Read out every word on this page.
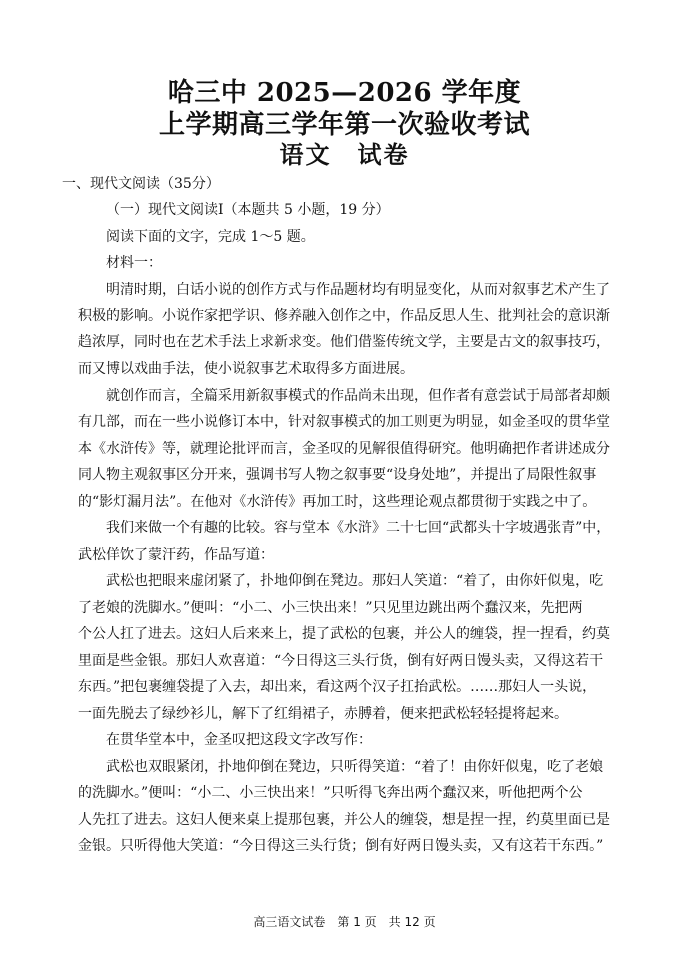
哈三中 2025—2026 学年度
上学期高三学年第一次验收考试
语文　试卷
一、现代文阅读（35分）
（一）现代文阅读Ⅰ（本题共 5 小题，19 分）
阅读下面的文字，完成 1～5 题。
材料一：
明清时期，白话小说的创作方式与作品题材均有明显变化，从而对叙事艺术产生了
积极的影响。小说作家把学识、修养融入创作之中，作品反思人生、批判社会的意识渐
趋浓厚，同时也在艺术手法上求新求变。他们借鉴传统文学，主要是古文的叙事技巧，
而又博以戏曲手法，使小说叙事艺术取得多方面进展。
就创作而言，全篇采用新叙事模式的作品尚未出现，但作者有意尝试于局部者却颇
有几部，而在一些小说修订本中，针对叙事模式的加工则更为明显，如金圣叹的贯华堂
本《水浒传》等，就理论批评而言，金圣叹的见解很值得研究。他明确把作者讲述成分
同人物主观叙事区分开来，强调书写人物之叙事要“设身处地”，并提出了局限性叙事
的“影灯漏月法”。在他对《水浒传》再加工时，这些理论观点都贯彻于实践之中了。
我们来做一个有趣的比较。容与堂本《水浒》二十七回“武都头十字坡遇张青”中，
武松佯饮了蒙汗药，作品写道：
武松也把眼来虚闭紧了，扑地仰倒在凳边。那妇人笑道：“着了，由你奸似鬼，吃
了老娘的洗脚水。”便叫：“小二、小三快出来！”只见里边跳出两个蠢汉来，先把两
个公人扛了进去。这妇人后来来上，提了武松的包裹，并公人的缠袋，捏一捏看，约莫
里面是些金银。那妇人欢喜道：“今日得这三头行货，倒有好两日馒头卖，又得这若干
东西。”把包裹缠袋提了入去，却出来，看这两个汉子扛抬武松。……那妇人一头说，
一面先脱去了绿纱衫儿，解下了红绢裙子，赤膊着，便来把武松轻轻提将起来。
在贯华堂本中，金圣叹把这段文字改写作：
武松也双眼紧闭，扑地仰倒在凳边，只听得笑道：“着了！由你奸似鬼，吃了老娘
的洗脚水。”便叫：“小二、小三快出来！”只听得飞奔出两个蠢汉来，听他把两个公
人先扛了进去。这妇人便来桌上提那包裹，并公人的缠袋，想是捏一捏，约莫里面已是
金银。只听得他大笑道：“今日得这三头行货；倒有好两日馒头卖，又有这若干东西。”
高三语文试卷　第 1 页　共 12 页
